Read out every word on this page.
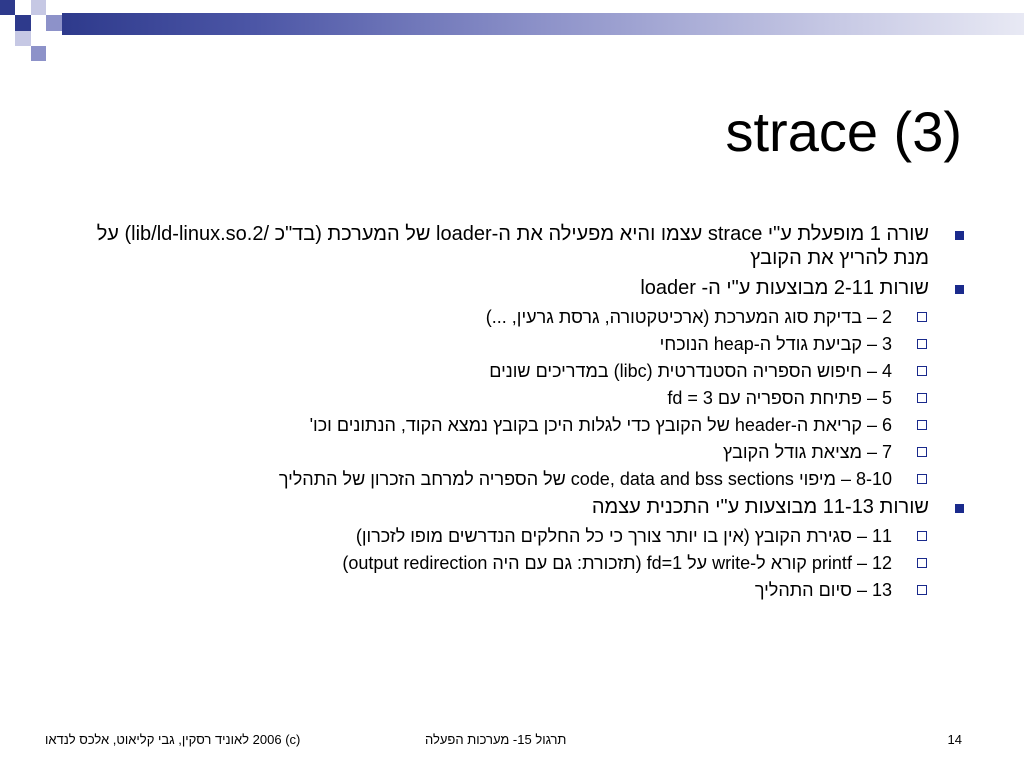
strace (3)
שורה 1 מופעלת ע"י strace עצמו והיא מפעילה את ה-loader של המערכת (בד"כ /lib/ld-linux.so.2) על מנת להריץ את הקובץ
שורות 2-11 מבוצעות ע"י ה- loader
2 – בדיקת סוג המערכת (ארכיטקטורה, גרסת גרעין, ...)
3 – קביעת גודל ה-heap הנוכחי
4 – חיפוש הספריה הסטנדרטית (libc) במדריכים שונים
5 – פתיחת הספריה עם fd = 3
6 – קריאת ה-header של הקובץ כדי לגלות היכן בקובץ נמצא הקוד, הנתונים וכו'
7 – מציאת גודל הקובץ
8-10 – מיפוי code, data and bss sections של הספריה למרחב הזכרון של התהליך
שורות 11-13 מבוצעות ע"י התכנית עצמה
11 – סגירת הקובץ (אין בו יותר צורך כי כל החלקים הנדרשים מופו לזכרון)
12 – printf קורא ל-write על fd=1 (תזכורת: גם עם היה output redirection)
13 – סיום התהליך
(c) 2006 לאוניד רסקין, גבי קליאוט, אלכס לנדאו	תרגול 15- מערכות הפעלה	14
